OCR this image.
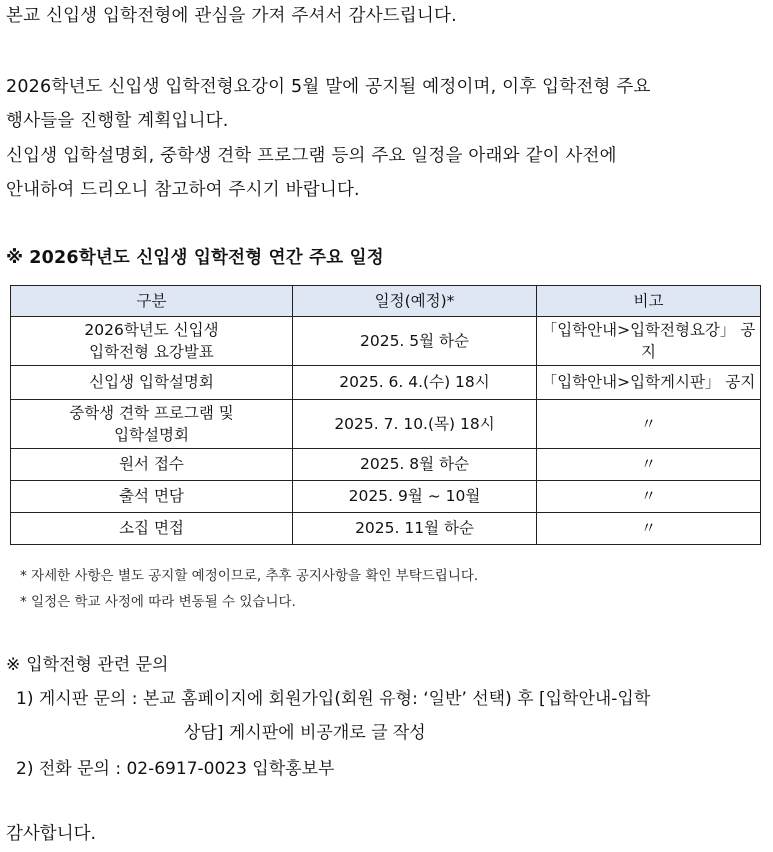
본교 신입생 입학전형에 관심을 가져 주셔서 감사드립니다.
2026학년도 신입생 입학전형요강이 5월 말에 공지될 예정이며, 이후 입학전형 주요
행사들을 진행할 계획입니다.
신입생 입학설명회, 중학생 견학 프로그램 등의 주요 일정을 아래와 같이 사전에
안내하여 드리오니 참고하여 주시기 바랍니다.
※ 2026학년도 신입생 입학전형 연간 주요 일정
구분	일정(예정)*	비고

2026학년도 신입생
입학전형 요강발표	2025. 5월 하순	「입학안내>입학전형요강」 공지
신입생 입학설명회	2025. 6. 4.(수) 18시	「입학안내>입학게시판」 공지

중학생 견학 프로그램 및
입학설명회	2025. 7. 10.(목) 18시	〃
원서 접수	2025. 8월 하순	〃
출석 면담	2025. 9월 ~ 10월	〃
소집 면접	2025. 11월 하순	〃
* 자세한 사항은 별도 공지할 예정이므로, 추후 공지사항을 확인 부탁드립니다.
* 일정은 학교 사정에 따라 변동될 수 있습니다.
※ 입학전형 관련 문의
1) 게시판 문의 : 본교 홈페이지에 회원가입(회원 유형: ‘일반’ 선택) 후 [입학안내-입학
상담] 게시판에 비공개로 글 작성
2) 전화 문의 : 02-6917-0023 입학홍보부
감사합니다.
